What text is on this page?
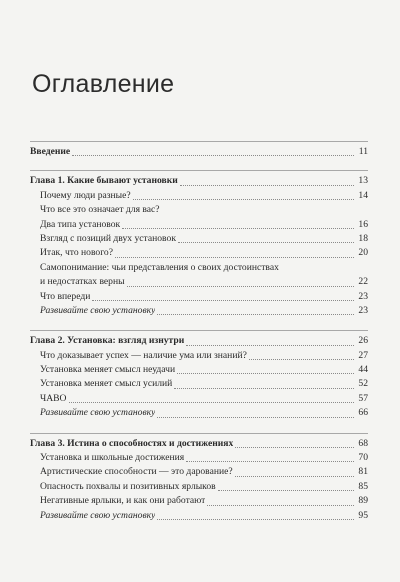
Оглавление
Введение	11
Глава 1. Какие бывают установки	13
Почему люди разные?	14
Что все это означает для вас?
Два типа установок	16
Взгляд с позиций двух установок	18
Итак, что нового?	20
Самопонимание: чьи представления о своих достоинствах
и недостатках верны	22
Что впереди	23
Развивайте свою установку	23
Глава 2. Установка: взгляд изнутри	26
Что доказывает успех — наличие ума или знаний?	27
Установка меняет смысл неудачи	44
Установка меняет смысл усилий	52
ЧАВО	57
Развивайте свою установку	66
Глава 3. Истина о способностях и достижениях	68
Установка и школьные достижения	70
Артистические способности — это дарование?	81
Опасность похвалы и позитивных ярлыков	85
Негативные ярлыки, и как они работают	89
Развивайте свою установку	95
